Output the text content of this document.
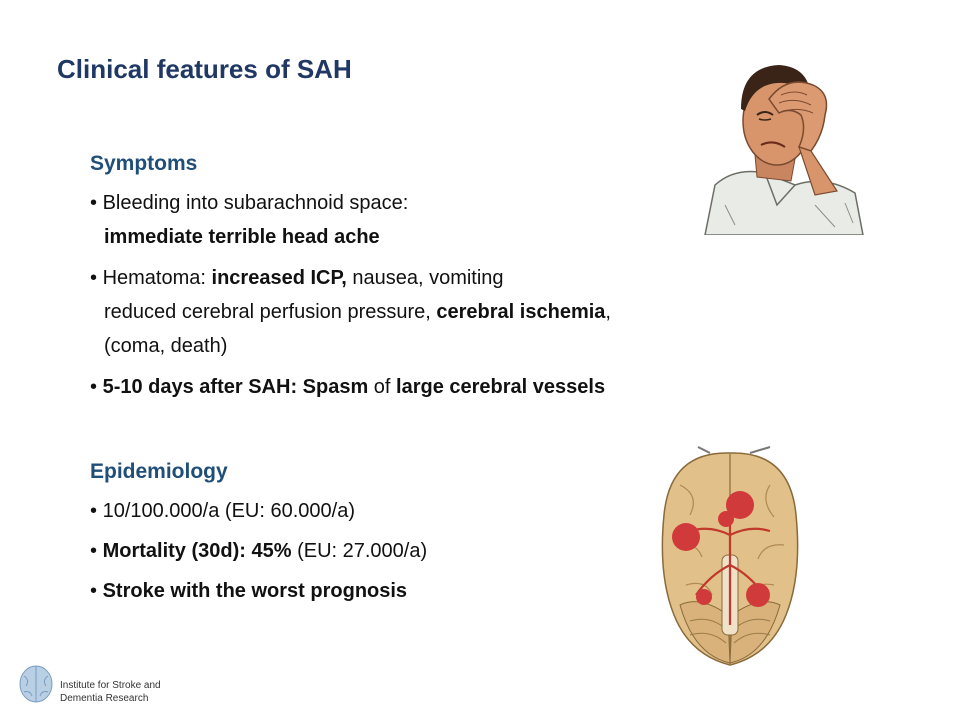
Clinical features of SAH
Symptoms
• Bleeding into subarachnoid space:
immediate terrible head ache
• Hematoma: increased ICP, nausea, vomiting
reduced cerebral perfusion pressure, cerebral ischemia,
(coma, death)
• 5-10 days after SAH: Spasm of large cerebral vessels
Epidemiology
• 10/100.000/a (EU: 60.000/a)
• Mortality (30d): 45% (EU: 27.000/a)
• Stroke with the worst prognosis
Institute for Stroke and
Dementia Research
